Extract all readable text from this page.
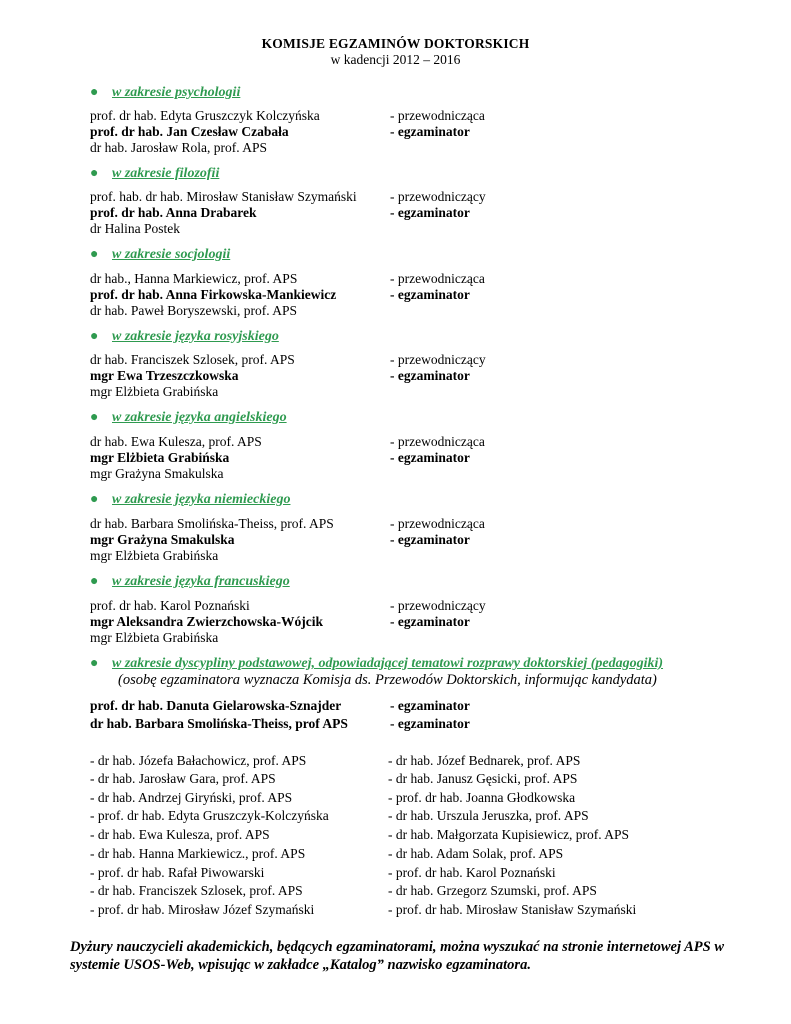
KOMISJE EGZAMINÓW DOKTORSKICH
w kadencji 2012 – 2016
● w zakresie psychologii
prof. dr hab. Edyta Gruszczyk Kolczyńska	- przewodnicząca
prof. dr hab. Jan Czesław Czabała	- egzaminator
dr hab. Jarosław Rola, prof. APS
● w zakresie filozofii
prof. hab. dr hab. Mirosław Stanisław Szymański - przewodniczący
prof. dr hab. Anna Drabarek	- egzaminator
dr Halina Postek
● w zakresie socjologii
dr hab., Hanna Markiewicz, prof. APS	- przewodnicząca
prof. dr hab. Anna Firkowska-Mankiewicz	- egzaminator
dr hab. Paweł Boryszewski, prof. APS
● w zakresie języka rosyjskiego
dr hab. Franciszek Szlosek, prof. APS	- przewodniczący
mgr Ewa Trzeszczkowska	- egzaminator
mgr Elżbieta Grabińska
● w zakresie języka angielskiego
dr hab. Ewa Kulesza, prof. APS	- przewodnicząca
mgr Elżbieta Grabińska	- egzaminator
mgr Grażyna Smakulska
● w zakresie języka niemieckiego
dr hab. Barbara Smolińska-Theiss, prof. APS	- przewodnicząca
mgr Grażyna Smakulska	- egzaminator
mgr Elżbieta Grabińska
● w zakresie języka francuskiego
prof. dr hab. Karol Poznański	- przewodniczący
mgr Aleksandra Zwierzchowska-Wójcik	- egzaminator
mgr Elżbieta Grabińska
● w zakresie dyscypliny podstawowej, odpowiadającej tematowi rozprawy doktorskiej (pedagogiki)
(osobę egzaminatora wyznacza Komisja ds. Przewodów Doktorskich, informując kandydata)
prof. dr hab. Danuta Gielarowska-Sznajder	- egzaminator
dr hab. Barbara Smolińska-Theiss, prof APS	- egzaminator
- dr hab. Józefa Bałachowicz, prof. APS	- dr hab. Józef Bednarek, prof. APS
- dr hab. Jarosław Gara, prof. APS	- dr hab. Janusz Gęsicki, prof. APS
- dr hab. Andrzej Giryński, prof. APS	- prof. dr hab. Joanna Głodkowska
- prof. dr hab. Edyta Gruszczyk-Kolczyńska	- dr hab. Urszula Jeruszka, prof. APS
- dr hab. Ewa Kulesza, prof. APS	- dr hab. Małgorzata Kupisiewicz, prof. APS
- dr hab. Hanna Markiewicz., prof. APS	- dr hab. Adam Solak, prof. APS
- prof. dr hab. Rafał Piwowarski	- prof. dr hab. Karol Poznański
- dr hab. Franciszek Szlosek, prof. APS	- dr hab. Grzegorz Szumski, prof. APS
- prof. dr hab. Mirosław Józef Szymański	- prof. dr hab. Mirosław Stanisław Szymański
Dyżury nauczycieli akademickich, będących egzaminatorami, można wyszukać na stronie internetowej APS w systemie USOS-Web, wpisując w zakładce „Katalog” nazwisko egzaminatora.
